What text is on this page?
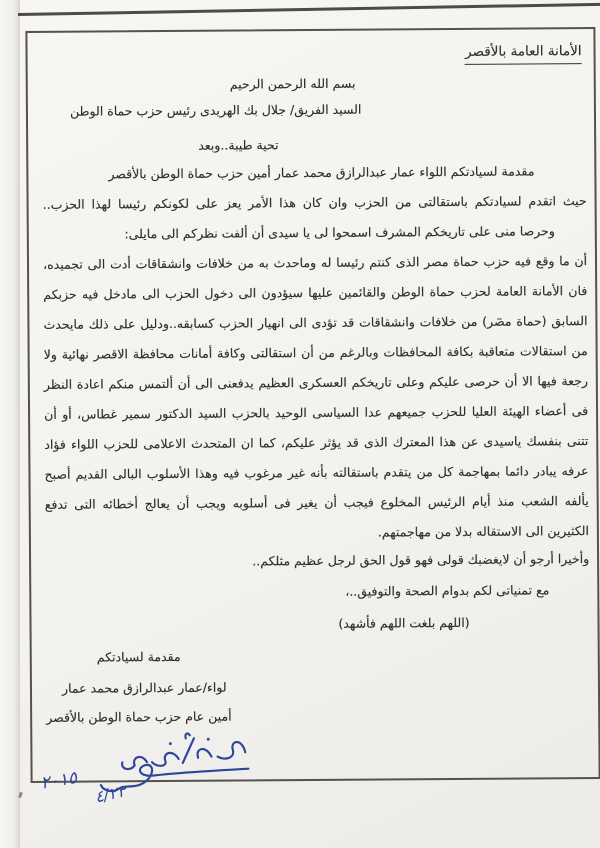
الأمانة العامة بالأقصر
بسم الله الرحمن الرحيم
السيد الفريق/ جلال بك الهريدى رئيس حزب حماة الوطن
تحية طيبة..وبعد
مقدمة لسيادتكم اللواء عمار عبدالرازق محمد عمار أمين حزب حماة الوطن بالأقصر
حيث اتقدم لسيادتكم باستقالتى من الحزب وان كان هذا الأمر يعز على لكونكم رئيسا لهذا الحزب..
وحرصا منى على تاريخكم المشرف اسمحوا لى يا سيدى أن ألفت نظركم الى مايلى:
أن ما وقع فيه حزب حماة مصر الذى كنتم رئيسا له وماحدث به من خلافات وانشقاقات أدت الى تجميده،
فان الأمانة العامة لحزب حماة الوطن والقائمين عليها سيؤدون الى دخول الحزب الى مادخل فيه حزبكم
السابق (حماة مصر) من خلافات وانشقاقات قد تؤدى الى انهيار الحزب كسابقه..ودليل على ذلك مايحدث
من استقالات متعاقبة بكافة المحافظات وبالرغم من أن استقالتى وكافة أمانات محافظة الاقصر نهائية ولا
رجعة فيها الا أن حرصى عليكم وعلى تاريخكم العسكرى العظيم يدفعنى الى أن ألتمس منكم اعادة النظر
فى أعضاء الهيئة العليا للحزب جميعهم عدا السياسى الوحيد بالحزب السيد الدكتور سمير غطاس، أو أن
تتنى بنفسك ياسيدى عن هذا المعترك الذى قد يؤثر عليكم، كما ان المتحدث الاعلامى للحزب اللواء فؤاد
عرفه يبادر دائما بمهاجمة كل من يتقدم باستقالته بأنه غير مرغوب فيه وهذا الأسلوب البالى القديم أصبح
يألفه الشعب منذ أيام الرئيس المخلوع فيجب أن يغير فى أسلوبه ويجب أن يعالج أخطائه التى تدفع
الكثيرين الى الاستقاله بدلا من مهاجمتهم.
وأخيرا أرجو أن لايغضبك قولى فهو قول الحق لرجل عظيم مثلكم..
مع تمنياتى لكم بدوام الصحة والتوفيق..،
(اللهم بلغت اللهم فأشهد)
مقدمة لسيادتكم
لواء/عمار عبدالرازق محمد عمار
أمين عام حزب حماة الوطن بالأقصر
٢٠١٥
٤/٢٣
